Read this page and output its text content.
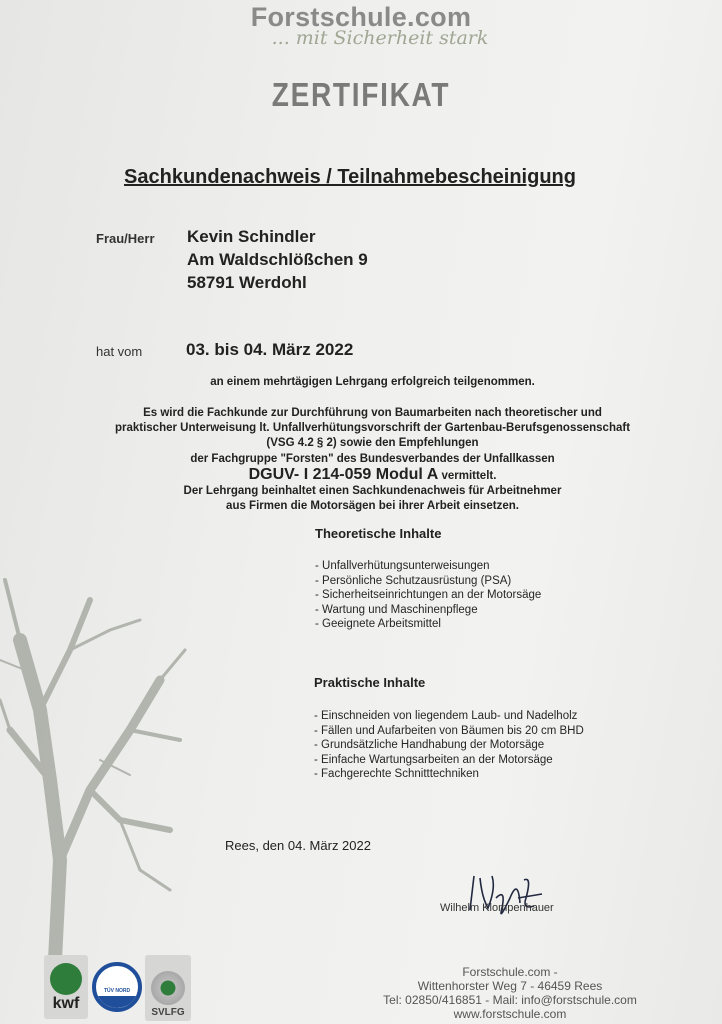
Forstschule.com
... mit Sicherheit stark
ZERTIFIKAT
Sachkundenachweis / Teilnahmebescheinigung
Frau/Herr Kevin Schindler
Am Waldschlößchen 9
58791 Werdohl
hat vom	03. bis 04. März 2022
an einem mehrtägigen Lehrgang erfolgreich teilgenommen.
Es wird die Fachkunde zur Durchführung von Baumarbeiten nach theoretischer und
praktischer Unterweisung lt. Unfallverhütungsvorschrift der Gartenbau-Berufsgenossenschaft
(VSG 4.2 § 2) sowie den Empfehlungen
der Fachgruppe "Forsten" des Bundesverbandes der Unfallkassen
DGUV- I 214-059 Modul A vermittelt.
Der Lehrgang beinhaltet einen Sachkundenachweis für Arbeitnehmer
aus Firmen die Motorsägen bei ihrer Arbeit einsetzen.
Theoretische Inhalte
- Unfallverhütungsunterweisungen
- Persönliche Schutzausrüstung (PSA)
- Sicherheitseinrichtungen an der Motorsäge
- Wartung und Maschinenpflege
- Geeignete Arbeitsmittel
Praktische Inhalte
- Einschneiden von liegendem Laub- und Nadelholz
- Fällen und Aufarbeiten von Bäumen bis 20 cm BHD
- Grundsätzliche Handhabung der Motorsäge
- Einfache Wartungsarbeiten an der Motorsäge
- Fachgerechte Schnitttechniken
Rees, den 04. März 2022
Wilhelm Klompenhauer
kwf
TÜV NORD
SVLFG
Forstschule.com -
Wittenhorster Weg 7 - 46459 Rees
Tel: 02850/416851 - Mail: info@forstschule.com
www.forstschule.com
